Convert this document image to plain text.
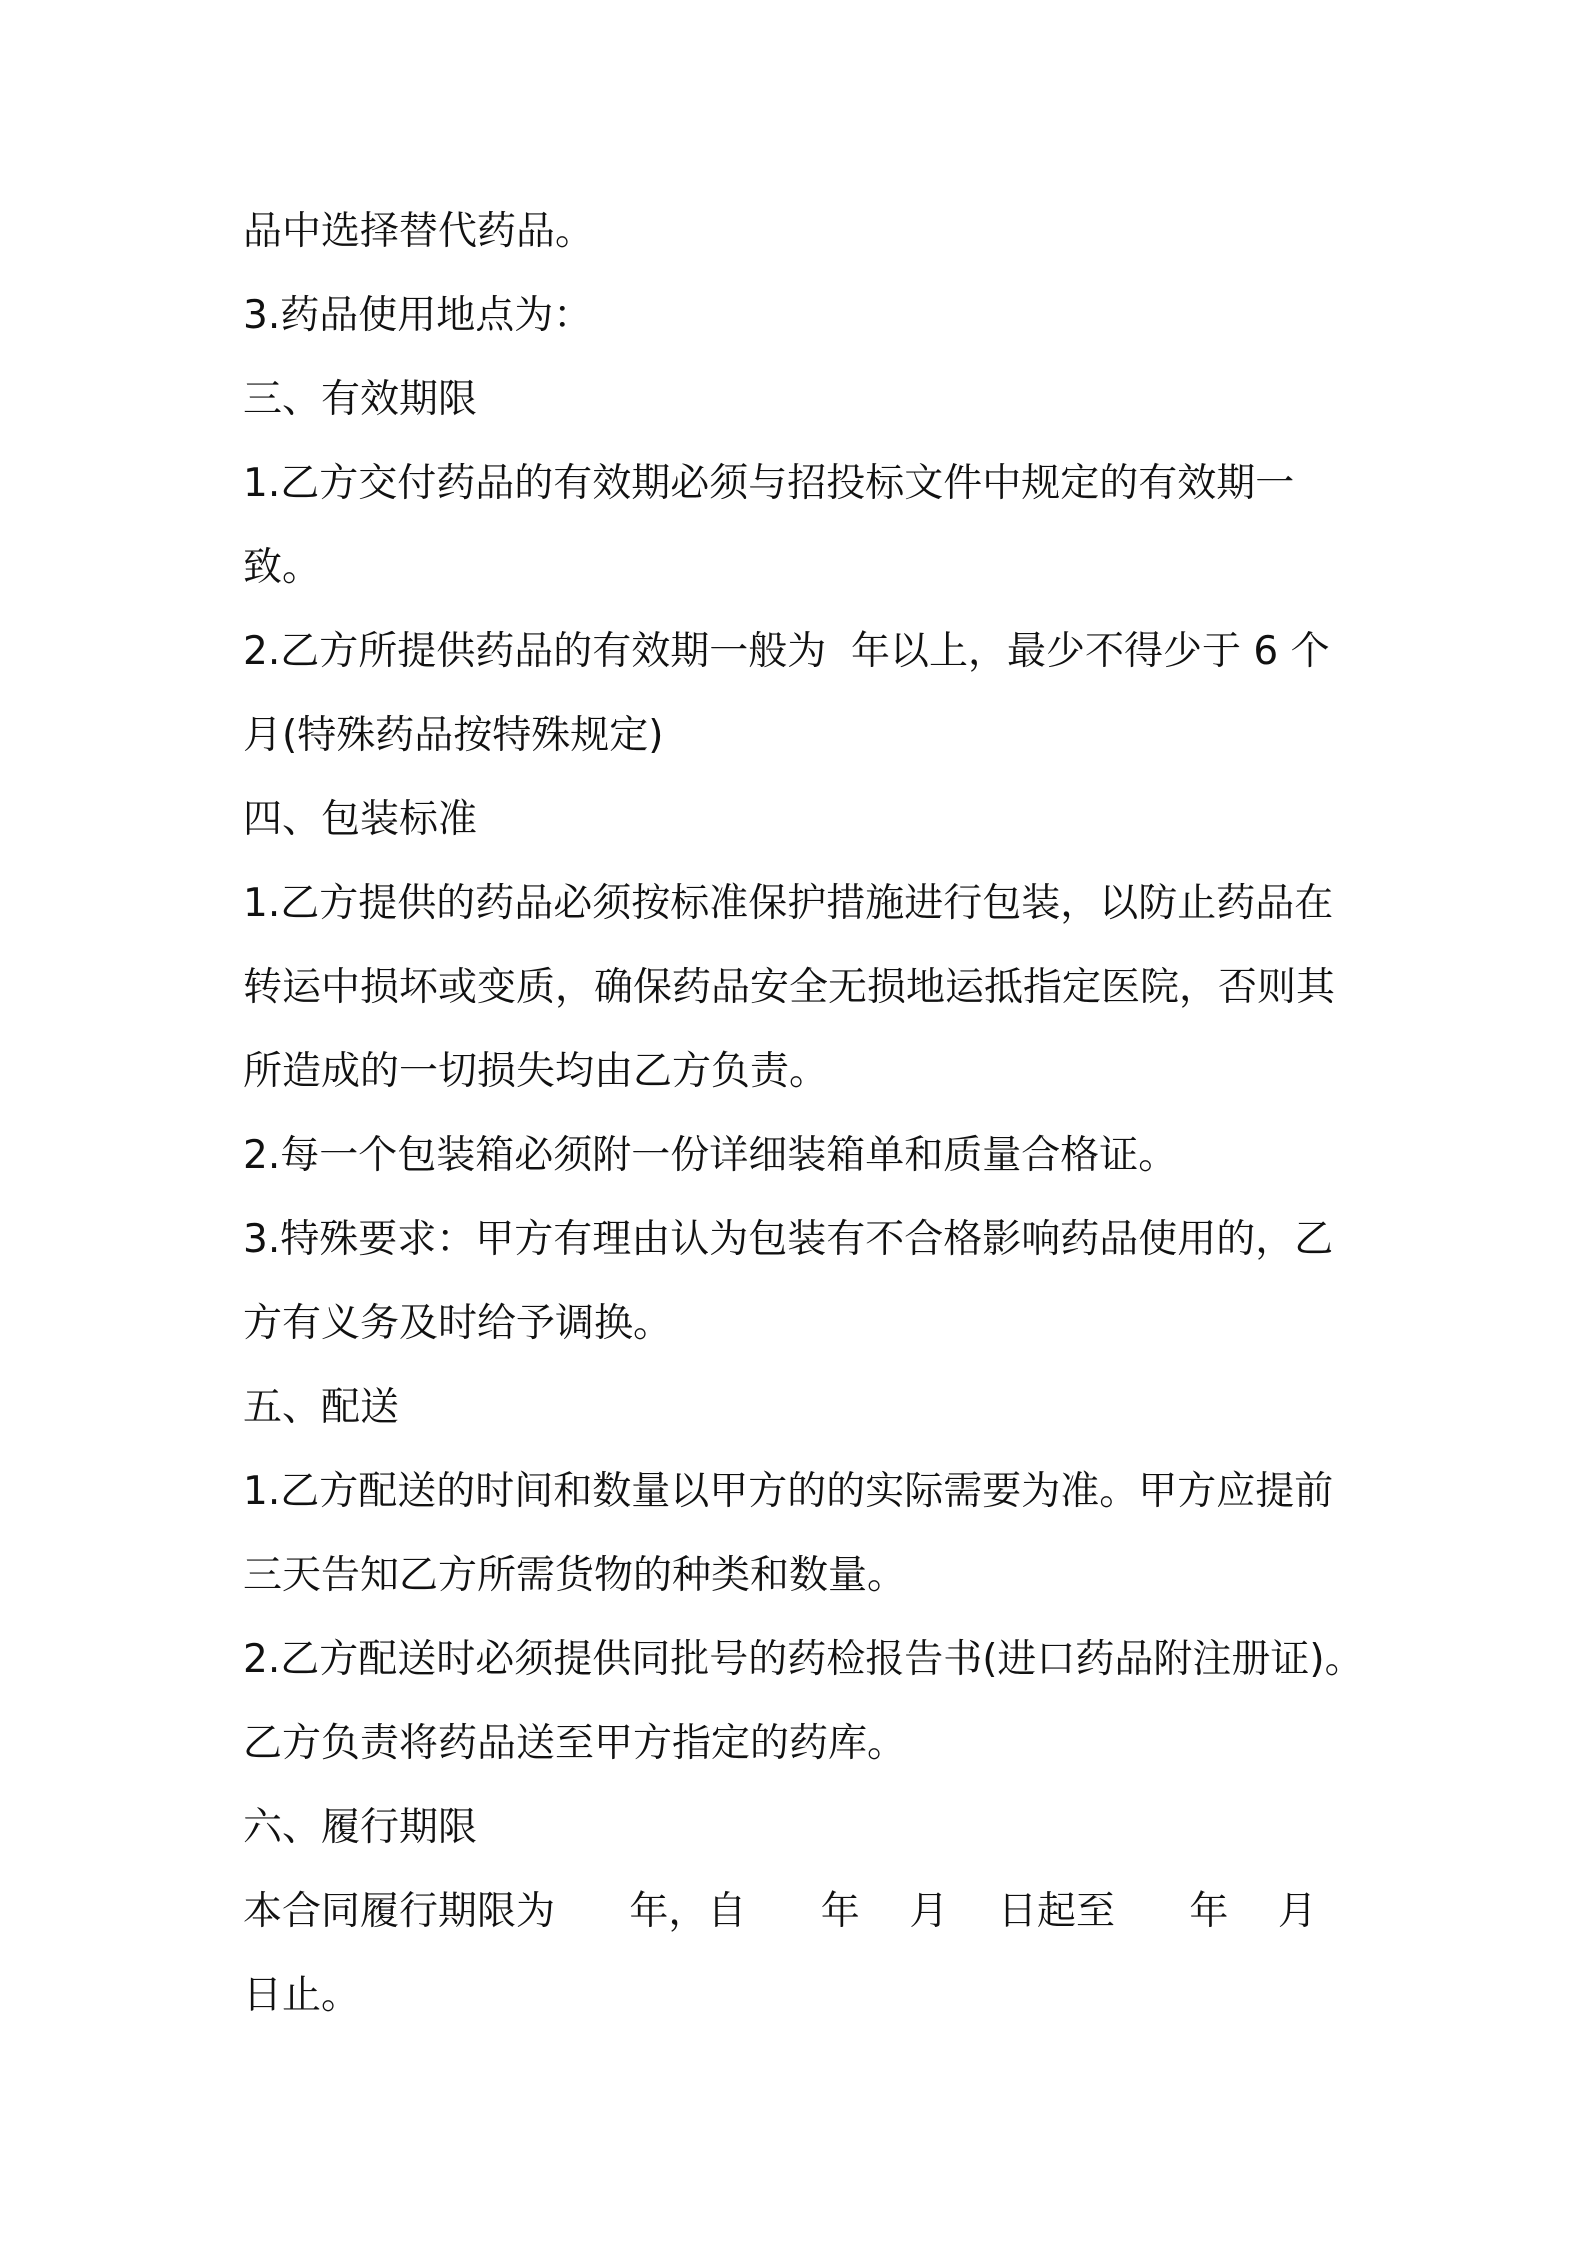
品中选择替代药品。
3.药品使用地点为：
三、有效期限
1.乙方交付药品的有效期必须与招投标文件中规定的有效期一
致。
2.乙方所提供药品的有效期一般为  年以上，最少不得少于 6 个
月(特殊药品按特殊规定)
四、包装标准
1.乙方提供的药品必须按标准保护措施进行包装，以防止药品在
转运中损坏或变质，确保药品安全无损地运抵指定医院，否则其
所造成的一切损失均由乙方负责。
2.每一个包装箱必须附一份详细装箱单和质量合格证。
3.特殊要求：甲方有理由认为包装有不合格影响药品使用的，乙
方有义务及时给予调换。
五、配送
1.乙方配送的时间和数量以甲方的的实际需要为准。甲方应提前
三天告知乙方所需货物的种类和数量。
2.乙方配送时必须提供同批号的药检报告书(进口药品附注册证)。
乙方负责将药品送至甲方指定的药库。
六、履行期限
本合同履行期限为      年，自      年    月    日起至      年    月
日止。
